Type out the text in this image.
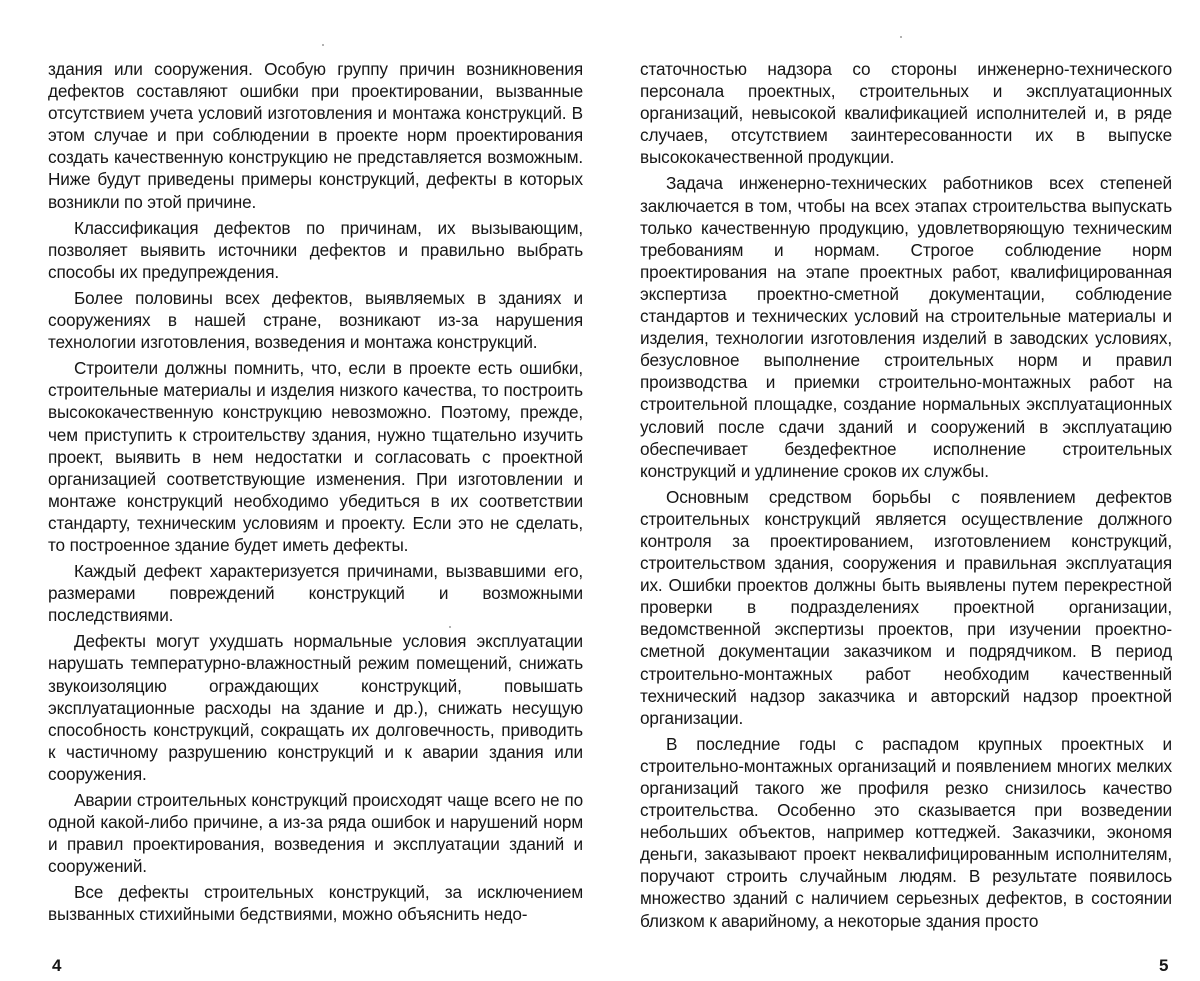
здания или сооружения. Особую группу причин возникновения дефектов составляют ошибки при проектировании, вызванные отсутствием учета условий изготовления и монтажа конструкций. В этом случае и при соблюдении в проекте норм проектирования создать качественную конструкцию не представляется возможным. Ниже будут приведены примеры конструкций, дефекты в которых возникли по этой причине.

Классификация дефектов по причинам, их вызывающим, позволяет выявить источники дефектов и правильно выбрать способы их предупреждения.

Более половины всех дефектов, выявляемых в зданиях и сооружениях в нашей стране, возникают из-за нарушения технологии изготовления, возведения и монтажа конструкций.

Строители должны помнить, что, если в проекте есть ошибки, строительные материалы и изделия низкого качества, то построить высококачественную конструкцию невозможно. Поэтому, прежде, чем приступить к строительству здания, нужно тщательно изучить проект, выявить в нем недостатки и согласовать с проектной организацией соответствующие изменения. При изготовлении и монтаже конструкций необходимо убедиться в их соответствии стандарту, техническим условиям и проекту. Если это не сделать, то построенное здание будет иметь дефекты.

Каждый дефект характеризуется причинами, вызвавшими его, размерами повреждений конструкций и возможными последствиями.

Дефекты могут ухудшать нормальные условия эксплуатации нарушать температурно-влажностный режим помещений, снижать звукоизоляцию ограждающих конструкций, повышать эксплуатационные расходы на здание и др.), снижать несущую способность конструкций, сокращать их долговечность, приводить к частичному разрушению конструкций и к аварии здания или сооружения.

Аварии строительных конструкций происходят чаще всего не по одной какой-либо причине, а из-за ряда ошибок и нарушений норм и правил проектирования, возведения и эксплуатации зданий и сооружений.

Все дефекты строительных конструкций, за исключением вызванных стихийными бедствиями, можно объяснить недо-

статочностью надзора со стороны инженерно-технического персонала проектных, строительных и эксплуатационных организаций, невысокой квалификацией исполнителей и, в ряде случаев, отсутствием заинтересованности их в выпуске высококачественной продукции.

Задача инженерно-технических работников всех степеней заключается в том, чтобы на всех этапах строительства выпускать только качественную продукцию, удовлетворяющую техническим требованиям и нормам. Строгое соблюдение норм проектирования на этапе проектных работ, квалифицированная экспертиза проектно-сметной документации, соблюдение стандартов и технических условий на строительные материалы и изделия, технологии изготовления изделий в заводских условиях, безусловное выполнение строительных норм и правил производства и приемки строительно-монтажных работ на строительной площадке, создание нормальных эксплуатационных условий после сдачи зданий и сооружений в эксплуатацию обеспечивает бездефектное исполнение строительных конструкций и удлинение сроков их службы.

Основным средством борьбы с появлением дефектов строительных конструкций является осуществление должного контроля за проектированием, изготовлением конструкций, строительством здания, сооружения и правильная эксплуатация их. Ошибки проектов должны быть выявлены путем перекрестной проверки в подразделениях проектной организации, ведомственной экспертизы проектов, при изучении проектно-сметной документации заказчиком и подрядчиком. В период строительно-монтажных работ необходим качественный технический надзор заказчика и авторский надзор проектной организации.

В последние годы с распадом крупных проектных и строительно-монтажных организаций и появлением многих мелких организаций такого же профиля резко снизилось качество строительства. Особенно это сказывается при возведении небольших объектов, например коттеджей. Заказчики, экономя деньги, заказывают проект неквалифицированным исполнителям, поручают строить случайным людям. В результате появилось множество зданий с наличием серьезных дефектов, в состоянии близком к аварийному, а некоторые здания просто

4	5
